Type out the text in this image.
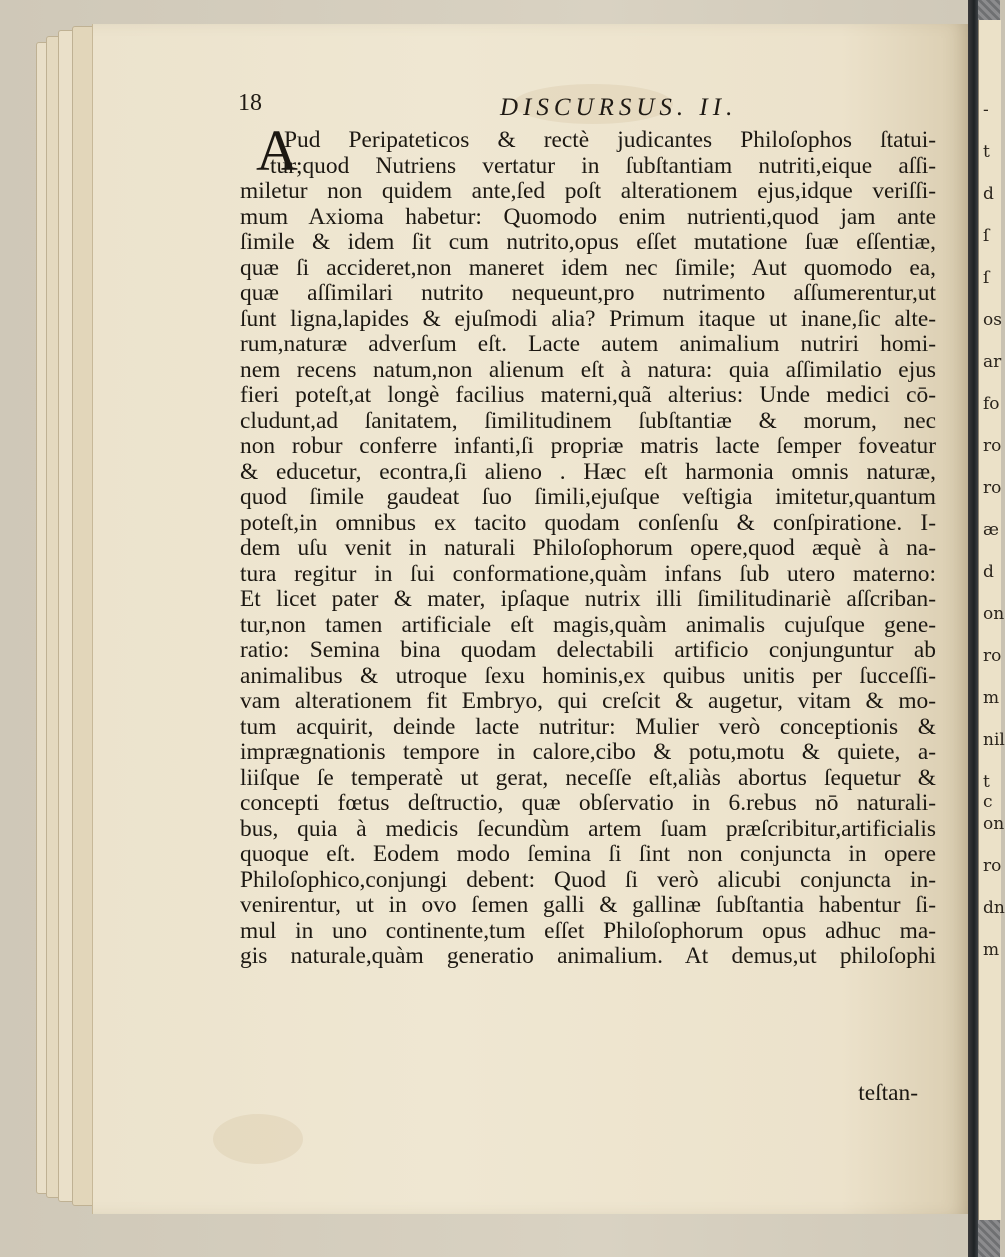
18	DISCURSUS. II.
A
Pud Peripateticos & rectè judicantes Philoſophos ſtatui-
tur;quod Nutriens vertatur in ſubſtantiam nutriti,eique aſſi-
miletur non quidem ante,ſed poſt alterationem ejus,idque veriſſi-
mum Axioma habetur: Quomodo enim nutrienti,quod jam ante
ſimile & idem ſit cum nutrito,opus eſſet mutatione ſuæ eſſentiæ,
quæ ſi accideret,non maneret idem nec ſimile; Aut quomodo ea,
quæ aſſimilari nutrito nequeunt,pro nutrimento aſſumerentur,ut
ſunt ligna,lapides & ejuſmodi alia? Primum itaque ut inane,ſic alte-
rum,naturæ adverſum eſt. Lacte autem animalium nutriri homi-
nem recens natum,non alienum eſt à natura: quia aſſimilatio ejus
fieri poteſt,at longè facilius materni,quã alterius: Unde medici cō-
cludunt,ad ſanitatem, ſimilitudinem ſubſtantiæ & morum, nec
non robur conferre infanti,ſi propriæ matris lacte ſemper foveatur
& educetur, econtra,ſi alieno . Hæc eſt harmonia omnis naturæ,
quod ſimile gaudeat ſuo ſimili,ejuſque veſtigia imitetur,quantum
poteſt,in omnibus ex tacito quodam conſenſu & conſpiratione. I-
dem uſu venit in naturali Philoſophorum opere,quod æquè à na-
tura regitur in ſui conformatione,quàm infans ſub utero materno:
Et licet pater & mater, ipſaque nutrix illi ſimilitudinariè aſſcriban-
tur,non tamen artificiale eſt magis,quàm animalis cujuſque gene-
ratio: Semina bina quodam delectabili artificio conjunguntur ab
animalibus & utroque ſexu hominis,ex quibus unitis per ſucceſſi-
vam alterationem fit Embryo, qui creſcit & augetur, vitam & mo-
tum acquirit, deinde lacte nutritur: Mulier verò conceptionis &
imprægnationis tempore in calore,cibo & potu,motu & quiete, a-
liiſque ſe temperatè ut gerat, neceſſe eſt,aliàs abortus ſequetur &
concepti fœtus deſtructio, quæ obſervatio in 6.rebus nō naturali-
bus, quia à medicis ſecundùm artem ſuam præſcribitur,artificialis
quoque eſt. Eodem modo ſemina ſi ſint non conjuncta in opere
Philoſophico,conjungi debent: Quod ſi verò alicubi conjuncta in-
venirentur, ut in ovo ſemen galli & gallinæ ſubſtantia habentur ſi-
mul in uno continente,tum eſſet Philoſophorum opus adhuc ma-
gis naturale,quàm generatio animalium. At demus,ut philoſophi
teſtan-
-
t
d
ſ
ſ
os
ar
fo
ro
ro
æ
d
on
ro
m
nil
t c
on
ro
dn
m
